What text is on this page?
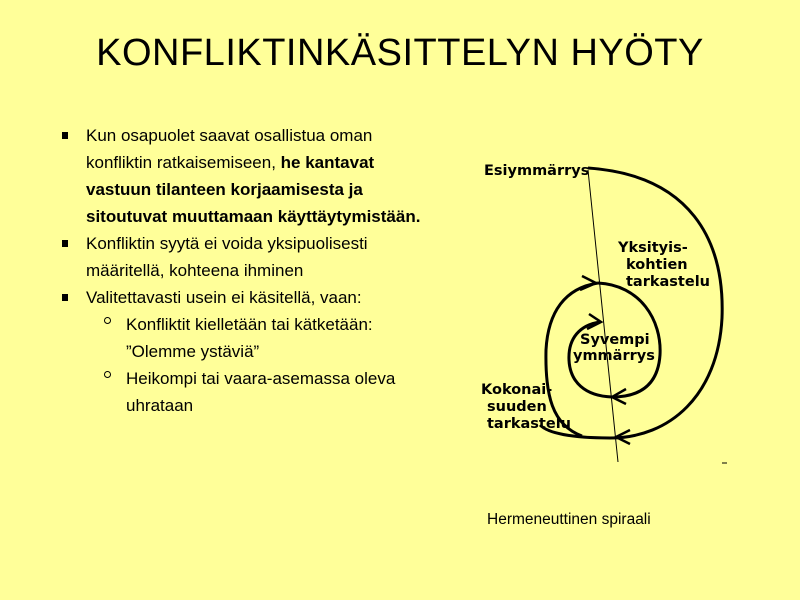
KONFLIKTINKÄSITTELYN HYÖTY
Kun osapuolet saavat osallistua oman konfliktin ratkaisemiseen, he kantavat vastuun tilanteen korjaamisesta ja sitoutuvat muuttamaan käyttäytymistään.
Konfliktin syytä ei voida yksipuolisesti määritellä, kohteena ihminen
Valitettavasti usein ei käsitellä, vaan:
Konfliktit kielletään tai kätketään: ”Olemme ystäviä”
Heikompi tai vaara-asemassa oleva uhrataan
Esiymmärrys
Yksityis-
kohtien
tarkastelu
Syvempi
ymmärrys
Kokonai-
suuden
tarkastelu
Hermeneuttinen spiraali
